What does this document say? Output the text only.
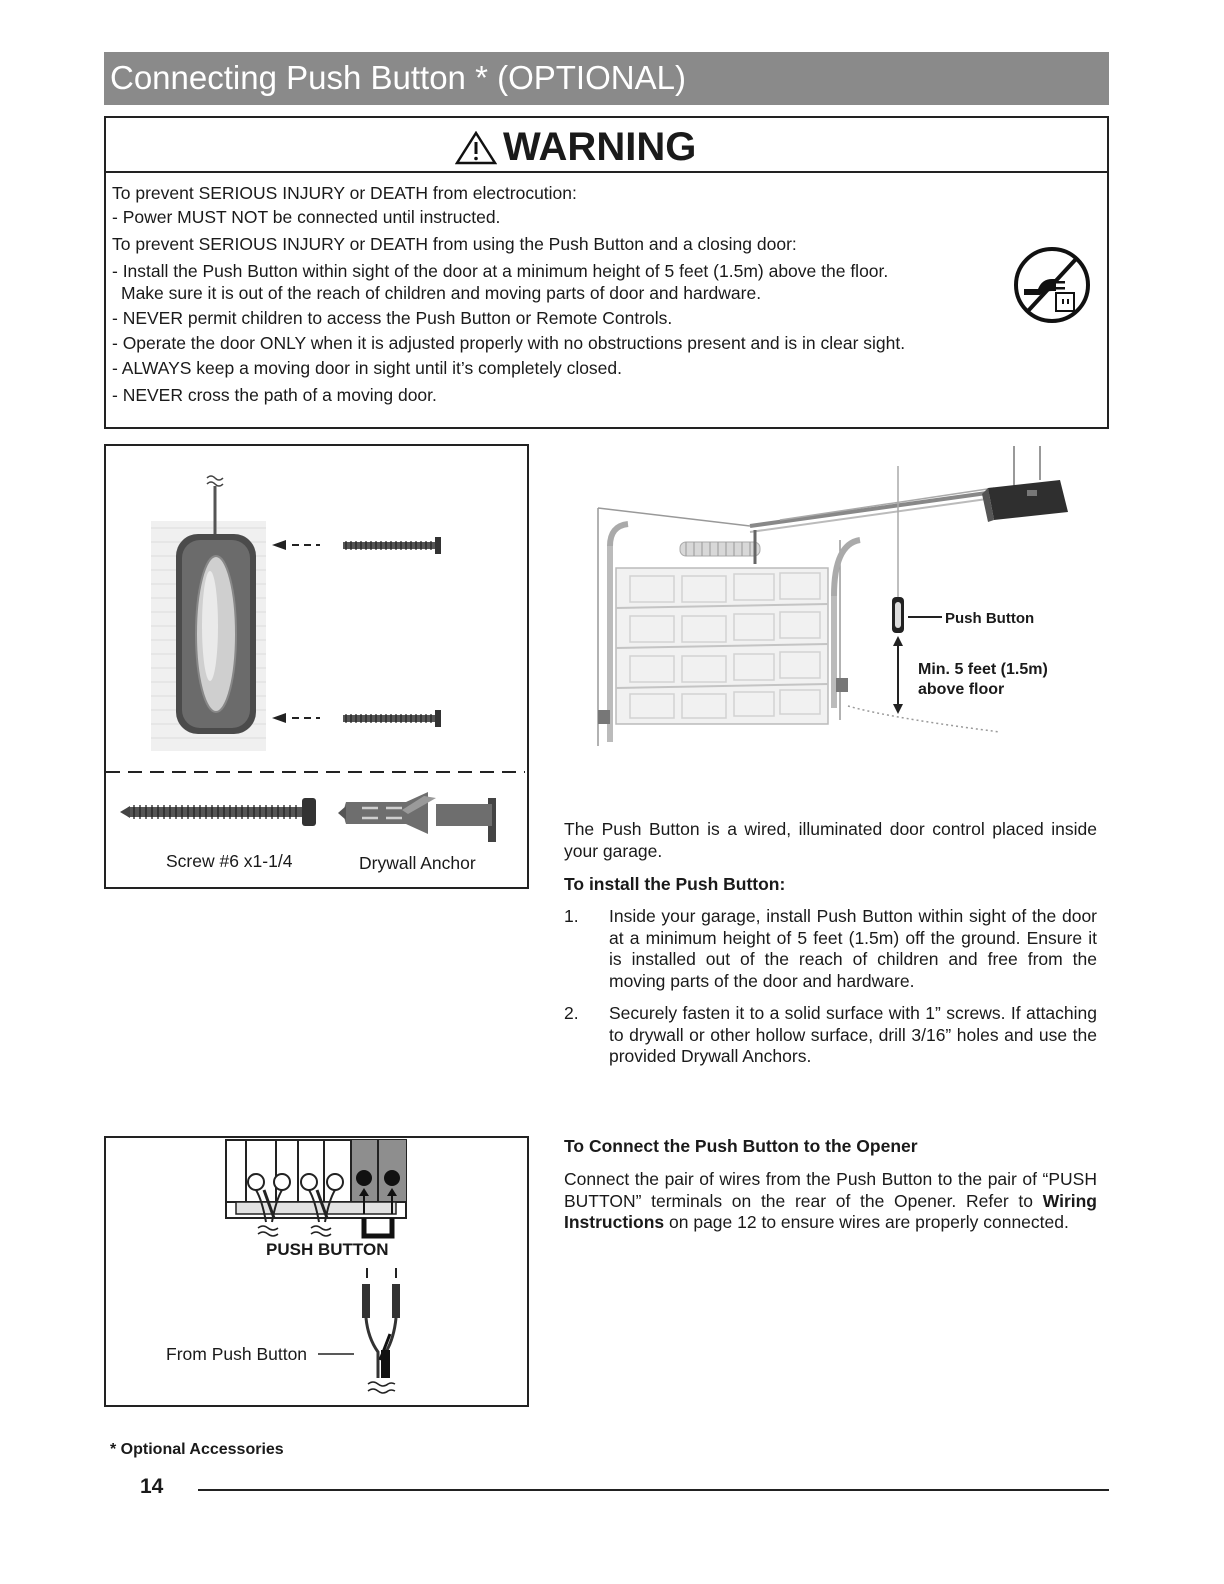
Connecting Push Button * (OPTIONAL)
WARNING
To prevent SERIOUS INJURY or DEATH from electrocution:
- Power MUST NOT be connected until instructed.
To prevent SERIOUS INJURY or DEATH from using the Push Button and a closing door:
- Install the Push Button within sight of the door at a minimum height of 5 feet (1.5m) above the floor.
Make sure it is out of the reach of children and moving parts of door and hardware.
- NEVER permit children to access the Push Button or Remote Controls.
- Operate the door ONLY when it is adjusted properly with no obstructions present and is in clear sight.
- ALWAYS keep a moving door in sight until it’s completely closed.
- NEVER cross the path of a moving door.
Screw #6 x1-1/4	Drywall Anchor
Push Button
Min. 5 feet (1.5m)
above floor
The Push Button is a wired, illuminated door control placed inside your garage.
To install the Push Button:
1. Inside your garage, install Push Button within sight of the door at a minimum height of 5 feet (1.5m) off the ground. Ensure it is installed out of the reach of children and free from the moving parts of the door and hardware.
2. Securely fasten it to a solid surface with 1” screws. If attaching to drywall or other hollow surface, drill 3/16” holes and use the provided Drywall Anchors.
To Connect the Push Button to the Opener
Connect the pair of wires from the Push Button to the pair of “PUSH BUTTON” terminals on the rear of the Opener. Refer to Wiring Instructions on page 12 to ensure wires are properly connected.
PUSH BUTTON
From Push Button
* Optional Accessories
14
